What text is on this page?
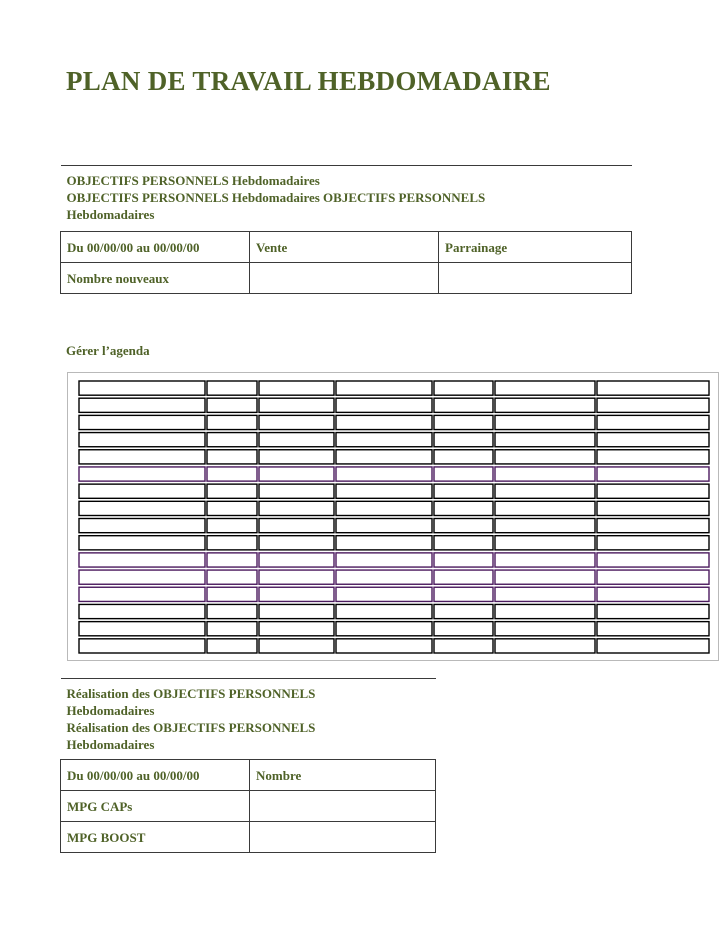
PLAN DE TRAVAIL HEBDOMADAIRE
OBJECTIFS PERSONNELS Hebdomadaires
OBJECTIFS PERSONNELS Hebdomadaires OBJECTIFS PERSONNELS
Hebdomadaires		

Du 00/00/00 au 00/00/00	Vente	Parrainage
Nombre nouveaux		

Gérer l’agenda

Réalisation des OBJECTIFS PERSONNELS
Hebdomadaires
Réalisation des OBJECTIFS PERSONNELS
Hebdomadaires	

Du 00/00/00 au 00/00/00	Nombre
MPG CAPs	
MPG BOOST	
